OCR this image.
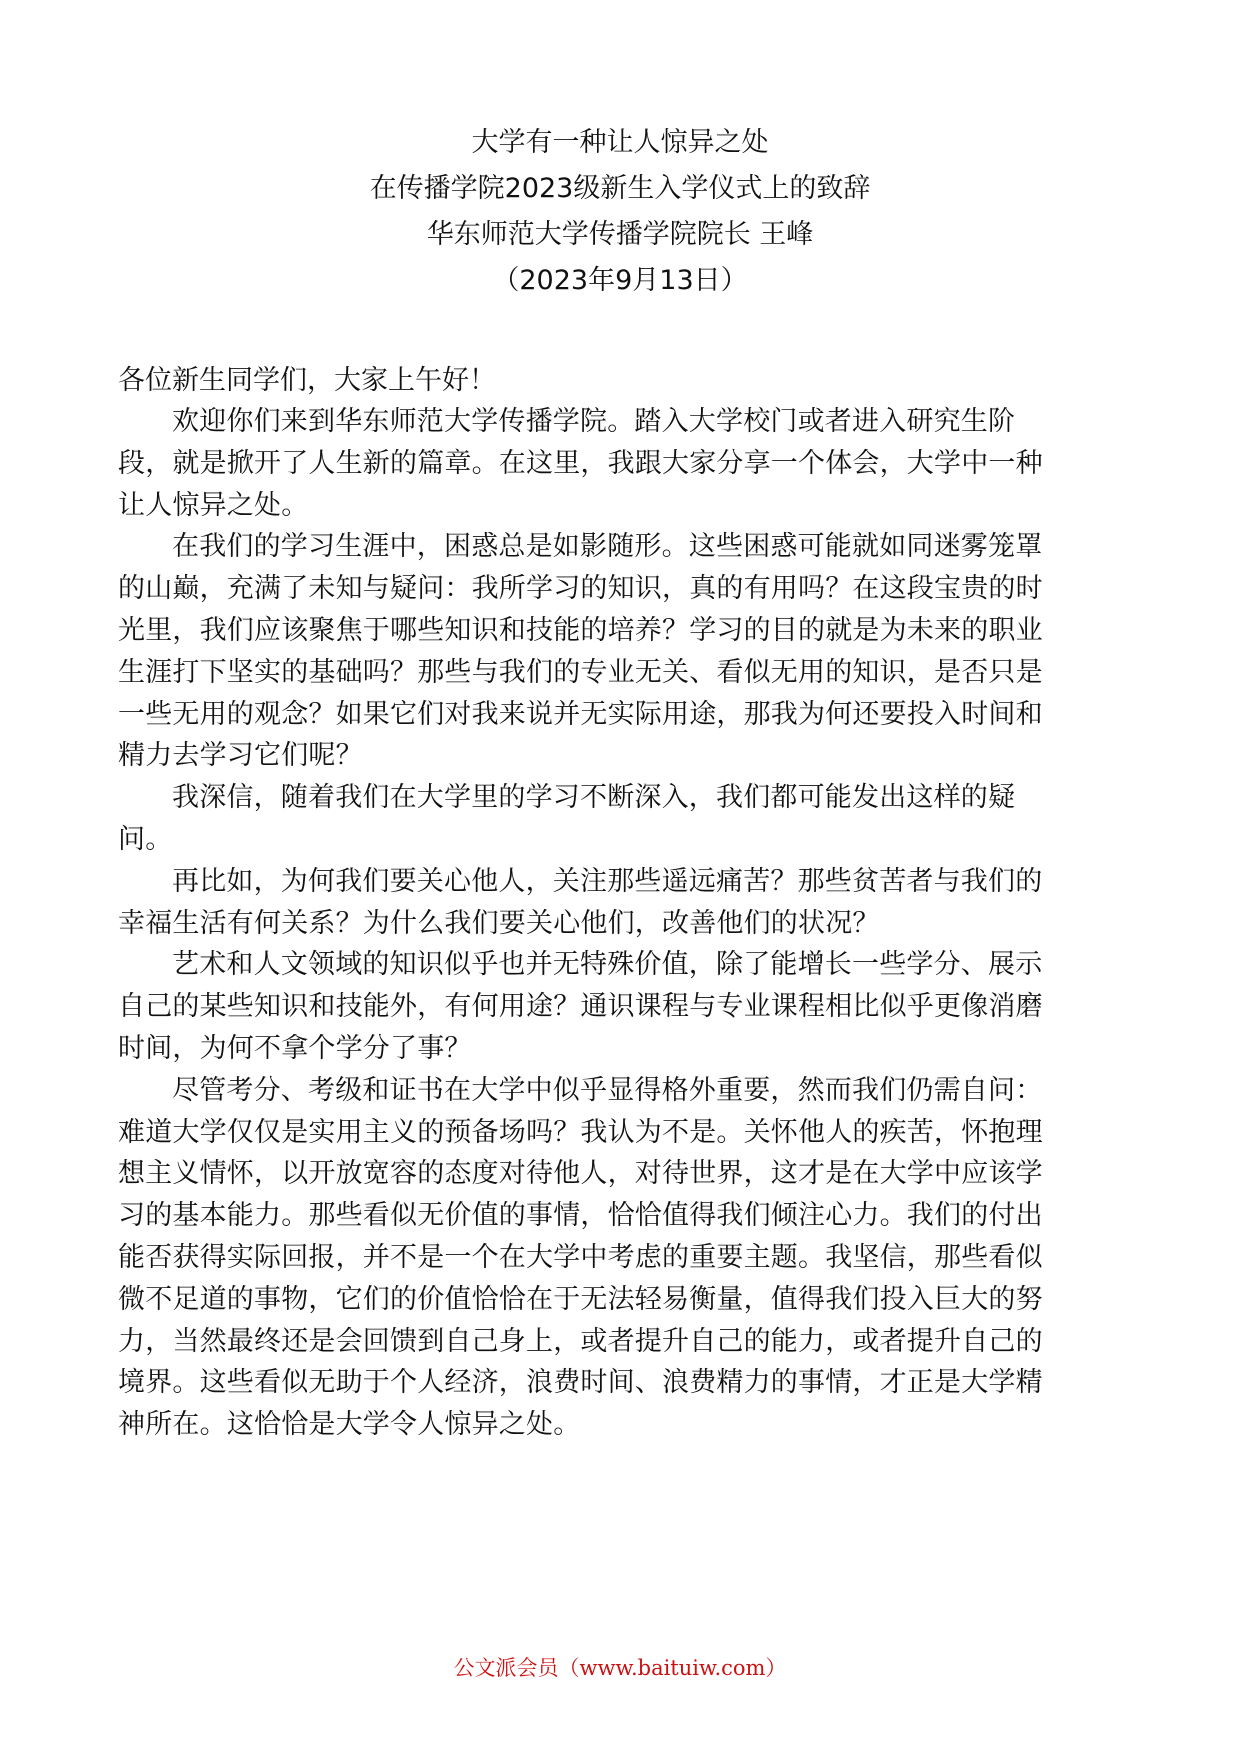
大学有一种让人惊异之处
在传播学院2023级新生入学仪式上的致辞
华东师范大学传播学院院长 王峰
（2023年9月13日）

各位新生同学们，大家上午好！

欢迎你们来到华东师范大学传播学院。踏入大学校门或者进入研究生阶
段，就是掀开了人生新的篇章。在这里，我跟大家分享一个体会，大学中一种
让人惊异之处。

在我们的学习生涯中，困惑总是如影随形。这些困惑可能就如同迷雾笼罩
的山巅，充满了未知与疑问：我所学习的知识，真的有用吗？在这段宝贵的时
光里，我们应该聚焦于哪些知识和技能的培养？学习的目的就是为未来的职业
生涯打下坚实的基础吗？那些与我们的专业无关、看似无用的知识，是否只是
一些无用的观念？如果它们对我来说并无实际用途，那我为何还要投入时间和
精力去学习它们呢？

我深信，随着我们在大学里的学习不断深入，我们都可能发出这样的疑
问。

再比如，为何我们要关心他人，关注那些遥远痛苦？那些贫苦者与我们的
幸福生活有何关系？为什么我们要关心他们，改善他们的状况？

艺术和人文领域的知识似乎也并无特殊价值，除了能增长一些学分、展示
自己的某些知识和技能外，有何用途？通识课程与专业课程相比似乎更像消磨
时间，为何不拿个学分了事？

尽管考分、考级和证书在大学中似乎显得格外重要，然而我们仍需自问：
难道大学仅仅是实用主义的预备场吗？我认为不是。关怀他人的疾苦，怀抱理
想主义情怀，以开放宽容的态度对待他人，对待世界，这才是在大学中应该学
习的基本能力。那些看似无价值的事情，恰恰值得我们倾注心力。我们的付出
能否获得实际回报，并不是一个在大学中考虑的重要主题。我坚信，那些看似
微不足道的事物，它们的价值恰恰在于无法轻易衡量，值得我们投入巨大的努
力，当然最终还是会回馈到自己身上，或者提升自己的能力，或者提升自己的
境界。这些看似无助于个人经济，浪费时间、浪费精力的事情，才正是大学精
神所在。这恰恰是大学令人惊异之处。

公文派会员（www.baituiw.com）
